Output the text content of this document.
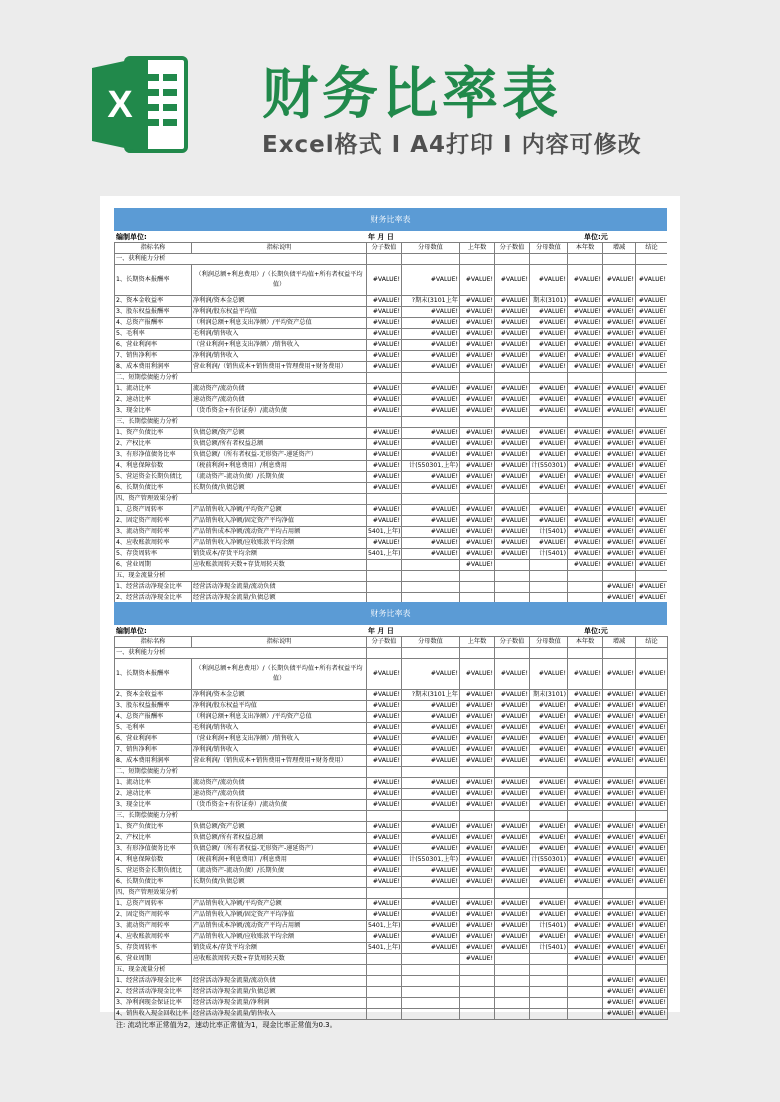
X 财务比率表
Excel格式 I A4打印 I 内容可修改
财务比率表
编制单位:	年 月 日	单位:元
指标名称	指标说明	分子数值	分母数值	上年数	分子数值	分母数值	本年数	增减	结论	
一、获利能力分析										
1、长期资本报酬率	（利润总额+利息费用）/（长期负债平均值+所有者权益平均值）	#VALUE!	#VALUE!	#VALUE!	#VALUE!	#VALUE!	#VALUE!	#VALUE!	#VALUE!	
2、资本金收益率	净利润/资本金总额	#VALUE!	?期末(3101上年	#VALUE!	#VALUE!	期末(3101)	#VALUE!	#VALUE!	#VALUE!	
3、股东权益报酬率	净利润/股东权益平均值	#VALUE!	#VALUE!	#VALUE!	#VALUE!	#VALUE!	#VALUE!	#VALUE!	#VALUE!	
4、总资产报酬率	（利润总额+利息支出净额）/平均资产总值	#VALUE!	#VALUE!	#VALUE!	#VALUE!	#VALUE!	#VALUE!	#VALUE!	#VALUE!	
5、毛利率	毛利润/销售收入	#VALUE!	#VALUE!	#VALUE!	#VALUE!	#VALUE!	#VALUE!	#VALUE!	#VALUE!	
6、营业利润率	（营业利润+利息支出净额）/销售收入	#VALUE!	#VALUE!	#VALUE!	#VALUE!	#VALUE!	#VALUE!	#VALUE!	#VALUE!	
7、销售净利率	净利润/销售收入	#VALUE!	#VALUE!	#VALUE!	#VALUE!	#VALUE!	#VALUE!	#VALUE!	#VALUE!	
8、成本费用利润率	营业利润/（销售成本+销售费用+管理费用+财务费用）	#VALUE!	#VALUE!	#VALUE!	#VALUE!	#VALUE!	#VALUE!	#VALUE!	#VALUE!	
二、短期偿债能力分析										
1、流动比率	流动资产/流动负债	#VALUE!	#VALUE!	#VALUE!	#VALUE!	#VALUE!	#VALUE!	#VALUE!	#VALUE!	
2、速动比率	速动资产/流动负债	#VALUE!	#VALUE!	#VALUE!	#VALUE!	#VALUE!	#VALUE!	#VALUE!	#VALUE!	
3、现金比率	（货币资金+有价证券）/流动负债	#VALUE!	#VALUE!	#VALUE!	#VALUE!	#VALUE!	#VALUE!	#VALUE!	#VALUE!	
三、长期偿债能力分析										
1、资产负债比率	负债总额/资产总额	#VALUE!	#VALUE!	#VALUE!	#VALUE!	#VALUE!	#VALUE!	#VALUE!	#VALUE!	
2、产权比率	负债总额/所有者权益总额	#VALUE!	#VALUE!	#VALUE!	#VALUE!	#VALUE!	#VALUE!	#VALUE!	#VALUE!	
3、有形净值债务比率	负债总额/（所有者权益-无形资产-递延资产）	#VALUE!	#VALUE!	#VALUE!	#VALUE!	#VALUE!	#VALUE!	#VALUE!	#VALUE!	
4、利息保障倍数	（税前利润+利息费用）/利息费用	#VALUE!	计(550301,上年)	#VALUE!	#VALUE!	计(550301)	#VALUE!	#VALUE!	#VALUE!	
5、营运资金长期负债比	（流动资产-流动负债）/长期负债	#VALUE!	#VALUE!	#VALUE!	#VALUE!	#VALUE!	#VALUE!	#VALUE!	#VALUE!	
6、长期负债比率	长期负债/负债总额	#VALUE!	#VALUE!	#VALUE!	#VALUE!	#VALUE!	#VALUE!	#VALUE!	#VALUE!	
四、资产管理效果分析										
1、总资产周转率	产品销售收入净额/平均资产总额	#VALUE!	#VALUE!	#VALUE!	#VALUE!	#VALUE!	#VALUE!	#VALUE!	#VALUE!	
2、固定资产周转率	产品销售收入净额/固定资产平均净值	#VALUE!	#VALUE!	#VALUE!	#VALUE!	#VALUE!	#VALUE!	#VALUE!	#VALUE!	
3、流动资产周转率	产品销售成本净额/流动资产平均占用额	5401,上年)	#VALUE!	#VALUE!	#VALUE!	计(5401)	#VALUE!	#VALUE!	#VALUE!	
4、应收账款周转率	产品销售收入净额/应收账款平均余额	#VALUE!	#VALUE!	#VALUE!	#VALUE!	#VALUE!	#VALUE!	#VALUE!	#VALUE!	
5、存货周转率	销货成本/存货平均余额	5401,上年)	#VALUE!	#VALUE!	#VALUE!	计(5401)	#VALUE!	#VALUE!	#VALUE!	
6、营业周期	应收账款周转天数+存货周转天数			#VALUE!			#VALUE!	#VALUE!	#VALUE!	
五、现金流量分析										
1、经营活动净现金比率	经营活动净现金流量/流动负债							#VALUE!	#VALUE!	
2、经营活动净现金比率	经营活动净现金流量/负债总额							#VALUE!	#VALUE!	

财务比率表
编制单位:	年 月 日	单位:元
指标名称	指标说明	分子数值	分母数值	上年数	分子数值	分母数值	本年数	增减	结论	
一、获利能力分析										
1、长期资本报酬率	（利润总额+利息费用）/（长期负债平均值+所有者权益平均值）	#VALUE!	#VALUE!	#VALUE!	#VALUE!	#VALUE!	#VALUE!	#VALUE!	#VALUE!	
2、资本金收益率	净利润/资本金总额	#VALUE!	?期末(3101上年	#VALUE!	#VALUE!	期末(3101)	#VALUE!	#VALUE!	#VALUE!	
3、股东权益报酬率	净利润/股东权益平均值	#VALUE!	#VALUE!	#VALUE!	#VALUE!	#VALUE!	#VALUE!	#VALUE!	#VALUE!	
4、总资产报酬率	（利润总额+利息支出净额）/平均资产总值	#VALUE!	#VALUE!	#VALUE!	#VALUE!	#VALUE!	#VALUE!	#VALUE!	#VALUE!	
5、毛利率	毛利润/销售收入	#VALUE!	#VALUE!	#VALUE!	#VALUE!	#VALUE!	#VALUE!	#VALUE!	#VALUE!	
6、营业利润率	（营业利润+利息支出净额）/销售收入	#VALUE!	#VALUE!	#VALUE!	#VALUE!	#VALUE!	#VALUE!	#VALUE!	#VALUE!	
7、销售净利率	净利润/销售收入	#VALUE!	#VALUE!	#VALUE!	#VALUE!	#VALUE!	#VALUE!	#VALUE!	#VALUE!	
8、成本费用利润率	营业利润/（销售成本+销售费用+管理费用+财务费用）	#VALUE!	#VALUE!	#VALUE!	#VALUE!	#VALUE!	#VALUE!	#VALUE!	#VALUE!	
二、短期偿债能力分析										
1、流动比率	流动资产/流动负债	#VALUE!	#VALUE!	#VALUE!	#VALUE!	#VALUE!	#VALUE!	#VALUE!	#VALUE!	
2、速动比率	速动资产/流动负债	#VALUE!	#VALUE!	#VALUE!	#VALUE!	#VALUE!	#VALUE!	#VALUE!	#VALUE!	
3、现金比率	（货币资金+有价证券）/流动负债	#VALUE!	#VALUE!	#VALUE!	#VALUE!	#VALUE!	#VALUE!	#VALUE!	#VALUE!	
三、长期偿债能力分析										
1、资产负债比率	负债总额/资产总额	#VALUE!	#VALUE!	#VALUE!	#VALUE!	#VALUE!	#VALUE!	#VALUE!	#VALUE!	
2、产权比率	负债总额/所有者权益总额	#VALUE!	#VALUE!	#VALUE!	#VALUE!	#VALUE!	#VALUE!	#VALUE!	#VALUE!	
3、有形净值债务比率	负债总额/（所有者权益-无形资产-递延资产）	#VALUE!	#VALUE!	#VALUE!	#VALUE!	#VALUE!	#VALUE!	#VALUE!	#VALUE!	
4、利息保障倍数	（税前利润+利息费用）/利息费用	#VALUE!	计(550301,上年)	#VALUE!	#VALUE!	计(550301)	#VALUE!	#VALUE!	#VALUE!	
5、营运资金长期负债比	（流动资产-流动负债）/长期负债	#VALUE!	#VALUE!	#VALUE!	#VALUE!	#VALUE!	#VALUE!	#VALUE!	#VALUE!	
6、长期负债比率	长期负债/负债总额	#VALUE!	#VALUE!	#VALUE!	#VALUE!	#VALUE!	#VALUE!	#VALUE!	#VALUE!	
四、资产管理效果分析										
1、总资产周转率	产品销售收入净额/平均资产总额	#VALUE!	#VALUE!	#VALUE!	#VALUE!	#VALUE!	#VALUE!	#VALUE!	#VALUE!	
2、固定资产周转率	产品销售收入净额/固定资产平均净值	#VALUE!	#VALUE!	#VALUE!	#VALUE!	#VALUE!	#VALUE!	#VALUE!	#VALUE!	
3、流动资产周转率	产品销售成本净额/流动资产平均占用额	5401,上年)	#VALUE!	#VALUE!	#VALUE!	计(5401)	#VALUE!	#VALUE!	#VALUE!	
4、应收账款周转率	产品销售收入净额/应收账款平均余额	#VALUE!	#VALUE!	#VALUE!	#VALUE!	#VALUE!	#VALUE!	#VALUE!	#VALUE!	
5、存货周转率	销货成本/存货平均余额	5401,上年)	#VALUE!	#VALUE!	#VALUE!	计(5401)	#VALUE!	#VALUE!	#VALUE!	
6、营业周期	应收账款周转天数+存货周转天数			#VALUE!			#VALUE!	#VALUE!	#VALUE!	
五、现金流量分析										
1、经营活动净现金比率	经营活动净现金流量/流动负债							#VALUE!	#VALUE!	
2、经营活动净现金比率	经营活动净现金流量/负债总额							#VALUE!	#VALUE!	
3、净利润现金保证比率	经营活动净现金流量/净利润							#VALUE!	#VALUE!	
4、销售收入现金回收比率	经营活动净现金流量/销售收入							#VALUE!	#VALUE!	
注: 流动比率正常值为2，速动比率正常值为1，现金比率正常值为0.3。
